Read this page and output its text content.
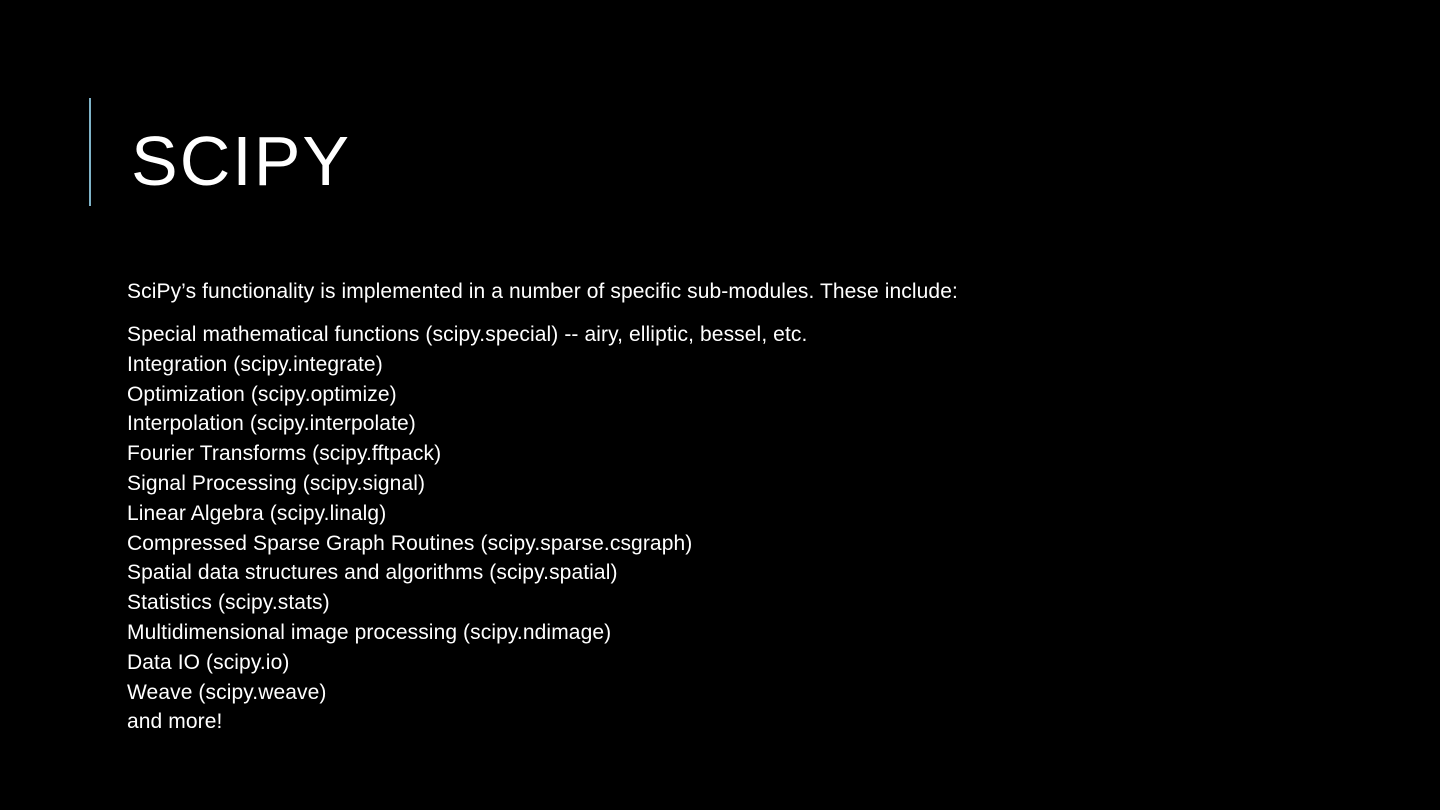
SCIPY

SciPy’s functionality is implemented in a number of specific sub-modules. These include:

Special mathematical functions (scipy.special) -- airy, elliptic, bessel, etc.
Integration (scipy.integrate)
Optimization (scipy.optimize)
Interpolation (scipy.interpolate)
Fourier Transforms (scipy.fftpack)
Signal Processing (scipy.signal)
Linear Algebra (scipy.linalg)
Compressed Sparse Graph Routines (scipy.sparse.csgraph)
Spatial data structures and algorithms (scipy.spatial)
Statistics (scipy.stats)
Multidimensional image processing (scipy.ndimage)
Data IO (scipy.io)
Weave (scipy.weave)
and more!
